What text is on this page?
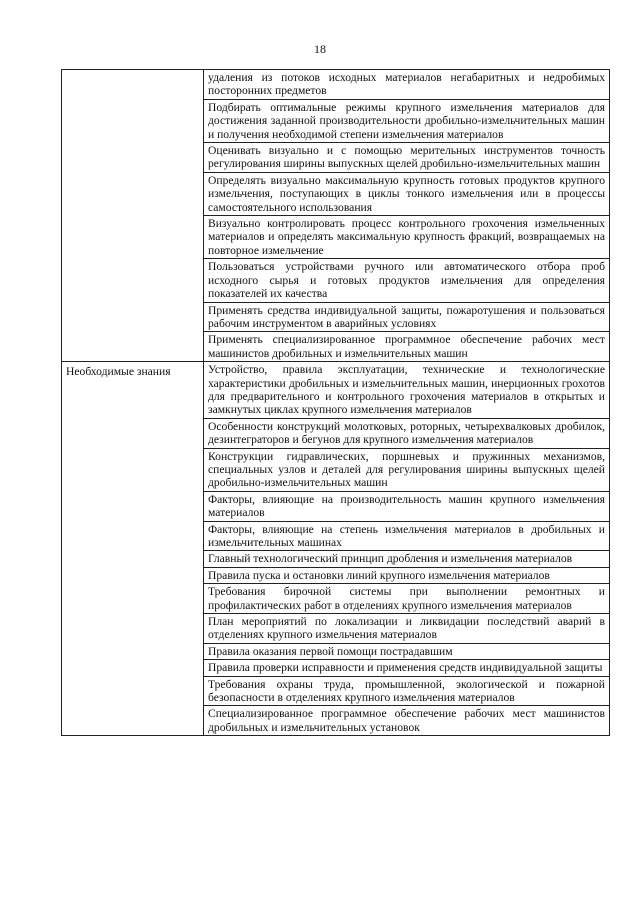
18
	удаления из потоков исходных материалов негабаритных и недробимых посторонних предметов
	Подбирать оптимальные режимы крупного измельчения материалов для достижения заданной производительности дробильно-измельчительных машин и получения необходимой степени измельчения материалов
	Оценивать визуально и с помощью мерительных инструментов точность регулирования ширины выпускных щелей дробильно-измельчительных машин
	Определять визуально максимальную крупность готовых продуктов крупного измельчения, поступающих в циклы тонкого измельчения или в процессы самостоятельного использования
	Визуально контролировать процесс контрольного грохочения измельченных материалов и определять максимальную крупность фракций, возвращаемых на повторное измельчение
	Пользоваться устройствами ручного или автоматического отбора проб исходного сырья и готовых продуктов измельчения для определения показателей их качества
	Применять средства индивидуальной защиты, пожаротушения и пользоваться рабочим инструментом в аварийных условиях
	Применять специализированное программное обеспечение рабочих мест машинистов дробильных и измельчительных машин

Необходимые знания	Устройство, правила эксплуатации, технические и технологические характеристики дробильных и измельчительных машин, инерционных грохотов для предварительного и контрольного грохочения материалов в открытых и замкнутых циклах крупного измельчения материалов
	Особенности конструкций молотковых, роторных, четырехвалковых дробилок, дезинтеграторов и бегунов для крупного измельчения материалов
	Конструкции гидравлических, поршневых и пружинных механизмов, специальных узлов и деталей для регулирования ширины выпускных щелей дробильно-измельчительных машин
	Факторы, влияющие на производительность машин крупного измельчения материалов
	Факторы, влияющие на степень измельчения материалов в дробильных и измельчительных машинах
	Главный технологический принцип дробления и измельчения материалов
	Правила пуска и остановки линий крупного измельчения материалов
	Требования бирочной системы при выполнении ремонтных и профилактических работ в отделениях крупного измельчения материалов
	План мероприятий по локализации и ликвидации последствий аварий в отделениях крупного измельчения материалов
	Правила оказания первой помощи пострадавшим
	Правила проверки исправности и применения средств индивидуальной защиты
	Требования охраны труда, промышленной, экологической и пожарной безопасности в отделениях крупного измельчения материалов
	Специализированное программное обеспечение рабочих мест машинистов дробильных и измельчительных установок
